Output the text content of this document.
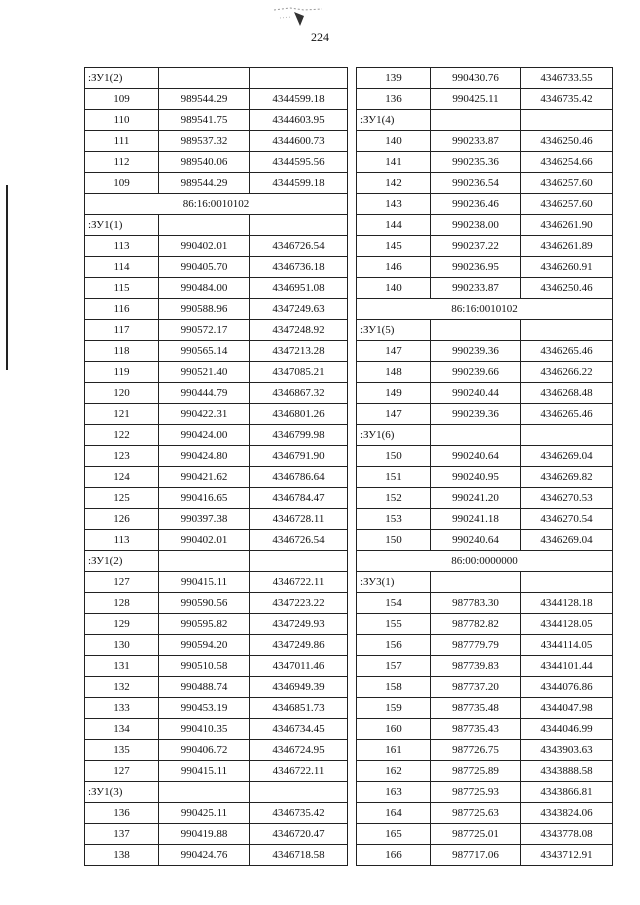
224
:ЗУ1(2)		
109	989544.29	4344599.18
110	989541.75	4344603.95
111	989537.32	4344600.73
112	989540.06	4344595.56
109	989544.29	4344599.18
86:16:0010102		
:ЗУ1(1)		
113	990402.01	4346726.54
114	990405.70	4346736.18
115	990484.00	4346951.08
116	990588.96	4347249.63
117	990572.17	4347248.92
118	990565.14	4347213.28
119	990521.40	4347085.21
120	990444.79	4346867.32
121	990422.31	4346801.26
122	990424.00	4346799.98
123	990424.80	4346791.90
124	990421.62	4346786.64
125	990416.65	4346784.47
126	990397.38	4346728.11
113	990402.01	4346726.54
:ЗУ1(2)		
127	990415.11	4346722.11
128	990590.56	4347223.22
129	990595.82	4347249.93
130	990594.20	4347249.86
131	990510.58	4347011.46
132	990488.74	4346949.39
133	990453.19	4346851.73
134	990410.35	4346734.45
135	990406.72	4346724.95
127	990415.11	4346722.11
:ЗУ1(3)		
136	990425.11	4346735.42
137	990419.88	4346720.47
138	990424.76	4346718.58
139	990430.76	4346733.55
136	990425.11	4346735.42
:ЗУ1(4)		
140	990233.87	4346250.46
141	990235.36	4346254.66
142	990236.54	4346257.60
143	990236.46	4346257.60
144	990238.00	4346261.90
145	990237.22	4346261.89
146	990236.95	4346260.91
140	990233.87	4346250.46
86:16:0010102		
:ЗУ1(5)		
147	990239.36	4346265.46
148	990239.66	4346266.22
149	990240.44	4346268.48
147	990239.36	4346265.46
:ЗУ1(6)		
150	990240.64	4346269.04
151	990240.95	4346269.82
152	990241.20	4346270.53
153	990241.18	4346270.54
150	990240.64	4346269.04
86:00:0000000		
:ЗУ3(1)		
154	987783.30	4344128.18
155	987782.82	4344128.05
156	987779.79	4344114.05
157	987739.83	4344101.44
158	987737.20	4344076.86
159	987735.48	4344047.98
160	987735.43	4344046.99
161	987726.75	4343903.63
162	987725.89	4343888.58
163	987725.93	4343866.81
164	987725.63	4343824.06
165	987725.01	4343778.08
166	987717.06	4343712.91
